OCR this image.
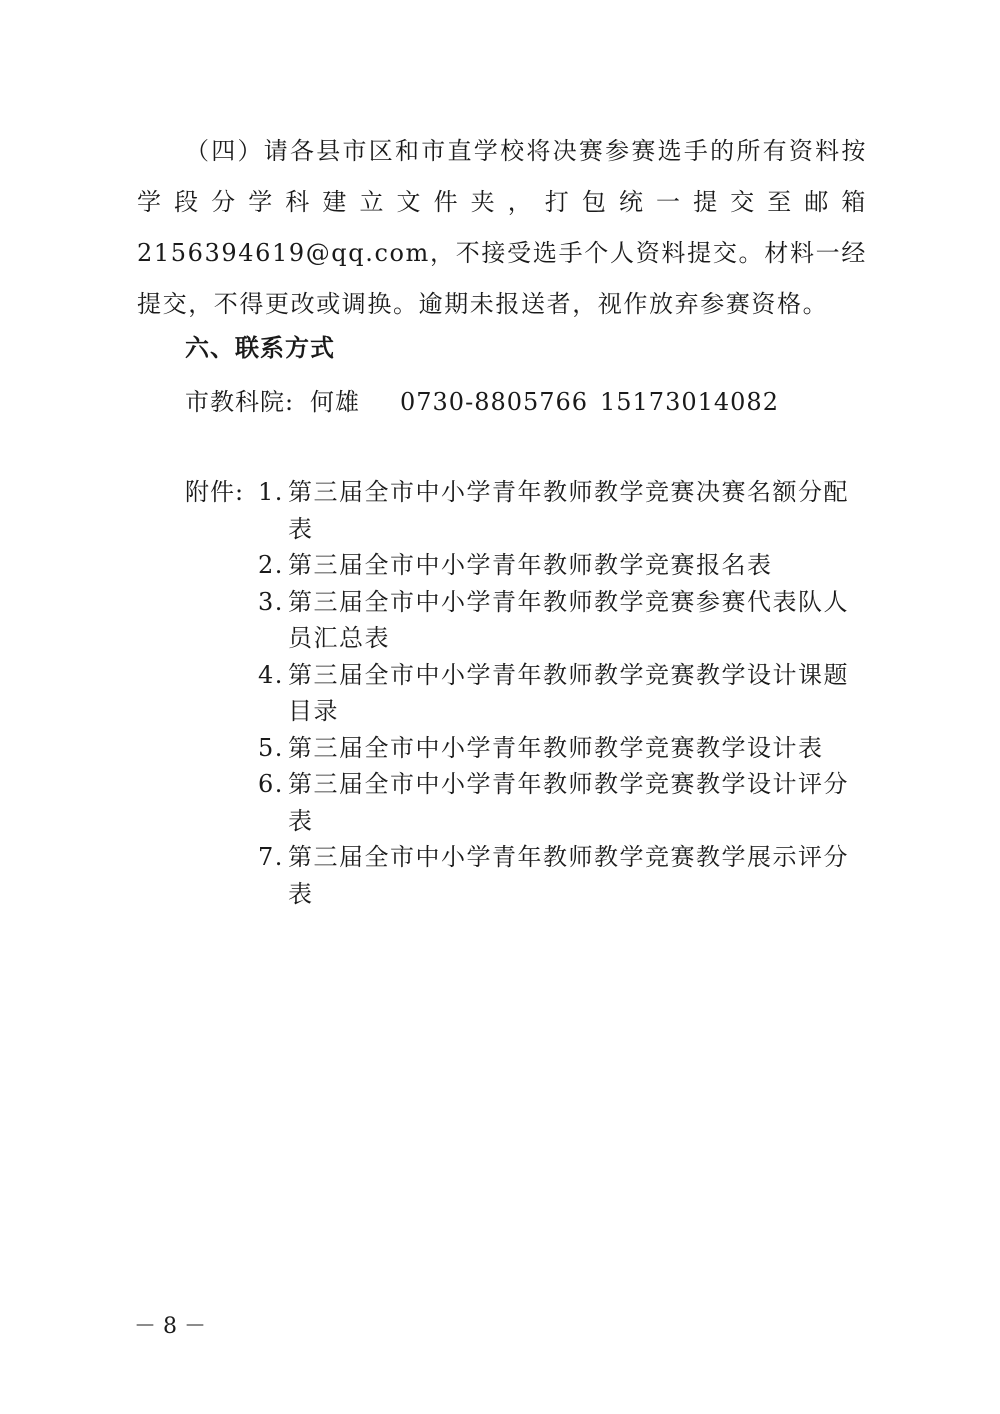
（四）请各县市区和市直学校将决赛参赛选手的所有资料按学段分学科建立文件夹，打包统一提交至邮箱2156394619@qq.com，不接受选手个人资料提交。材料一经提交，不得更改或调换。逾期未报送者，视作放弃参赛资格。

六、联系方式
市教科院: 何雄 0730-8805766 15173014082
附件: 1. 第三届全市中小学青年教师教学竞赛决赛名额分配表
2. 第三届全市中小学青年教师教学竞赛报名表
3. 第三届全市中小学青年教师教学竞赛参赛代表队人员汇总表
4. 第三届全市中小学青年教师教学竞赛教学设计课题目录
5. 第三届全市中小学青年教师教学竞赛教学设计表
6. 第三届全市中小学青年教师教学竞赛教学设计评分表
7. 第三届全市中小学青年教师教学竞赛教学展示评分表
－ 8 －
